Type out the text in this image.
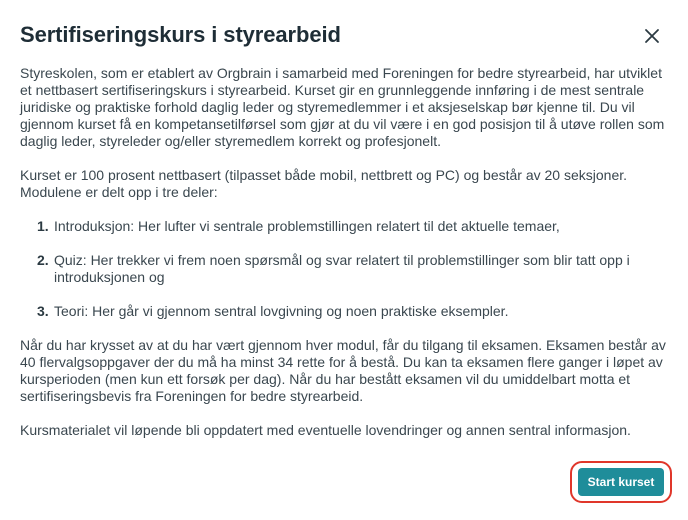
Sertifiseringskurs i styrearbeid

Styreskolen, som er etablert av Orgbrain i samarbeid med Foreningen for bedre styrearbeid, har utviklet et nettbasert sertifiseringskurs i styrearbeid. Kurset gir en grunnleggende innføring i de mest sentrale juridiske og praktiske forhold daglig leder og styremedlemmer i et aksjeselskap bør kjenne til. Du vil gjennom kurset få en kompetansetilførsel som gjør at du vil være i en god posisjon til å utøve rollen som daglig leder, styreleder og/eller styremedlem korrekt og profesjonelt.

Kurset er 100 prosent nettbasert (tilpasset både mobil, nettbrett og PC) og består av 20 seksjoner. Modulene er delt opp i tre deler:

1. Introduksjon: Her lufter vi sentrale problemstillingen relatert til det aktuelle temaer,
2. Quiz: Her trekker vi frem noen spørsmål og svar relatert til problemstillinger som blir tatt opp i introduksjonen og
3. Teori: Her går vi gjennom sentral lovgivning og noen praktiske eksempler.

Når du har krysset av at du har vært gjennom hver modul, får du tilgang til eksamen. Eksamen består av 40 flervalgsoppgaver der du må ha minst 34 rette for å bestå. Du kan ta eksamen flere ganger i løpet av kursperioden (men kun ett forsøk per dag). Når du har bestått eksamen vil du umiddelbart motta et sertifiseringsbevis fra Foreningen for bedre styrearbeid.

Kursmaterialet vil løpende bli oppdatert med eventuelle lovendringer og annen sentral informasjon.

Start kurset
